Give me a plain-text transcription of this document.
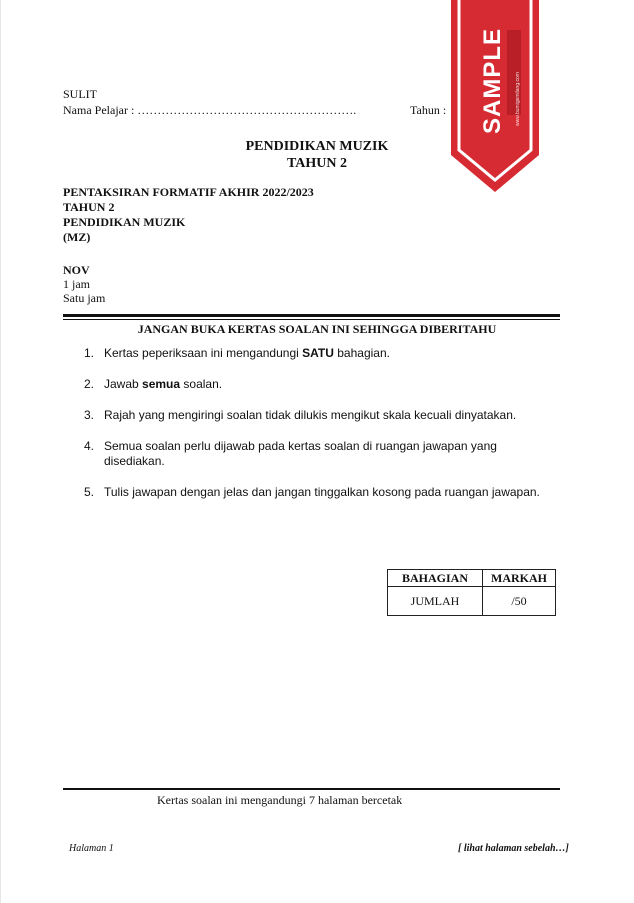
SULIT
Nama Pelajar : ……………………………………………….	Tahun :
PENDIDIKAN MUZIK
TAHUN 2
PENTAKSIRAN FORMATIF AKHIR 2022/2023
TAHUN 2
PENDIDIKAN MUZIK
(MZ)
NOV
1 jam
Satu jam
JANGAN BUKA KERTAS SOALAN INI SEHINGGA DIBERITAHU
1. Kertas peperiksaan ini mengandungi SATU bahagian.
2. Jawab semua soalan.
3. Rajah yang mengiringi soalan tidak dilukis mengikut skala kecuali dinyatakan.
4. Semua soalan perlu dijawab pada kertas soalan di ruangan jawapan yang disediakan.
5. Tulis jawapan dengan jelas dan jangan tinggalkan kosong pada ruangan jawapan.
BAHAGIAN	MARKAH
JUMLAH	/50
Kertas soalan ini mengandungi 7 halaman bercetak
Halaman 1	[ lihat halaman sebelah…]
SAMPLE www.bumigemilang.com
